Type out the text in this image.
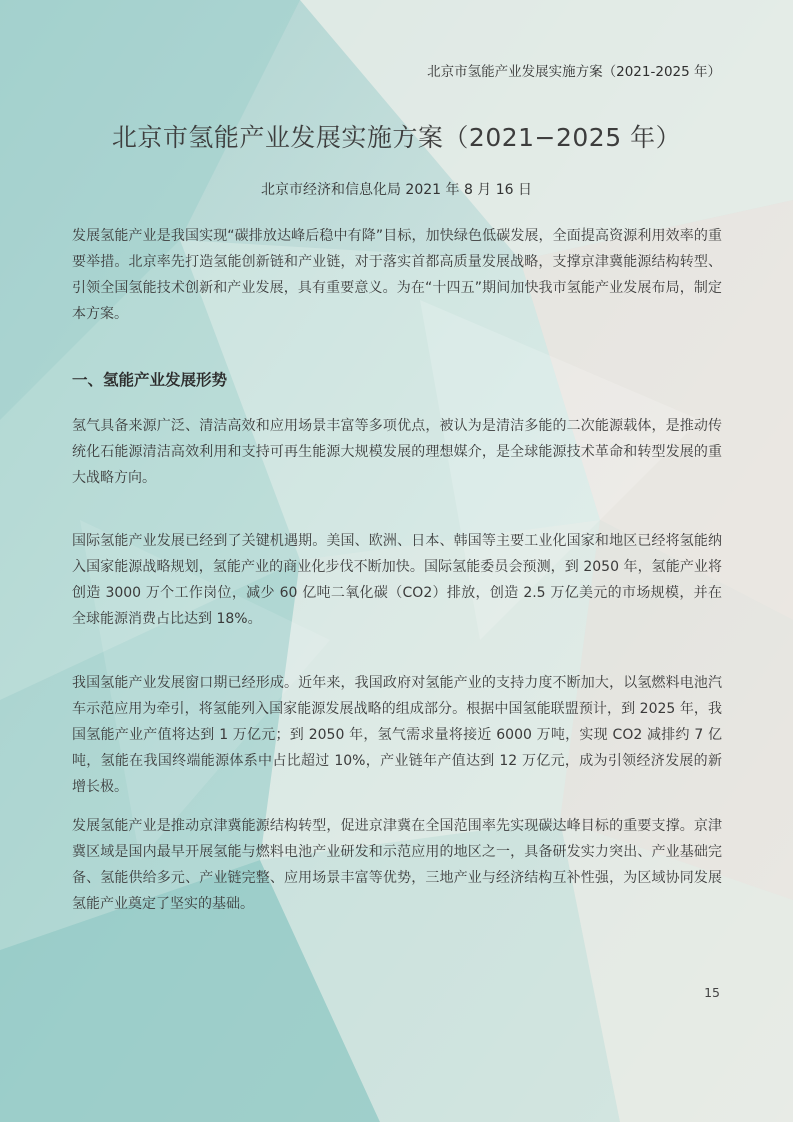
北京市氢能产业发展实施方案（2021-2025 年）
北京市氢能产业发展实施方案（2021−2025 年）
北京市经济和信息化局 2021 年 8 月 16 日

发展氢能产业是我国实现“碳排放达峰后稳中有降”目标，加快绿色低碳发展，全面提高资源利用效率的重要举措。北京率先打造氢能创新链和产业链，对于落实首都高质量发展战略，支撑京津冀能源结构转型、引领全国氢能技术创新和产业发展，具有重要意义。为在“十四五”期间加快我市氢能产业发展布局，制定本方案。

一、氢能产业发展形势

氢气具备来源广泛、清洁高效和应用场景丰富等多项优点，被认为是清洁多能的二次能源载体，是推动传统化石能源清洁高效利用和支持可再生能源大规模发展的理想媒介，是全球能源技术革命和转型发展的重大战略方向。

国际氢能产业发展已经到了关键机遇期。美国、欧洲、日本、韩国等主要工业化国家和地区已经将氢能纳入国家能源战略规划，氢能产业的商业化步伐不断加快。国际氢能委员会预测，到 2050 年，氢能产业将创造 3000 万个工作岗位，减少 60 亿吨二氧化碳（CO2）排放，创造 2.5 万亿美元的市场规模，并在全球能源消费占比达到 18%。

我国氢能产业发展窗口期已经形成。近年来，我国政府对氢能产业的支持力度不断加大，以氢燃料电池汽车示范应用为牵引，将氢能列入国家能源发展战略的组成部分。根据中国氢能联盟预计，到 2025 年，我国氢能产业产值将达到 1 万亿元；到 2050 年，氢气需求量将接近 6000 万吨，实现 CO2 减排约 7 亿吨，氢能在我国终端能源体系中占比超过 10%，产业链年产值达到 12 万亿元，成为引领经济发展的新增长极。

发展氢能产业是推动京津冀能源结构转型，促进京津冀在全国范围率先实现碳达峰目标的重要支撑。京津冀区域是国内最早开展氢能与燃料电池产业研发和示范应用的地区之一，具备研发实力突出、产业基础完备、氢能供给多元、产业链完整、应用场景丰富等优势，三地产业与经济结构互补性强，为区域协同发展氢能产业奠定了坚实的基础。

15
